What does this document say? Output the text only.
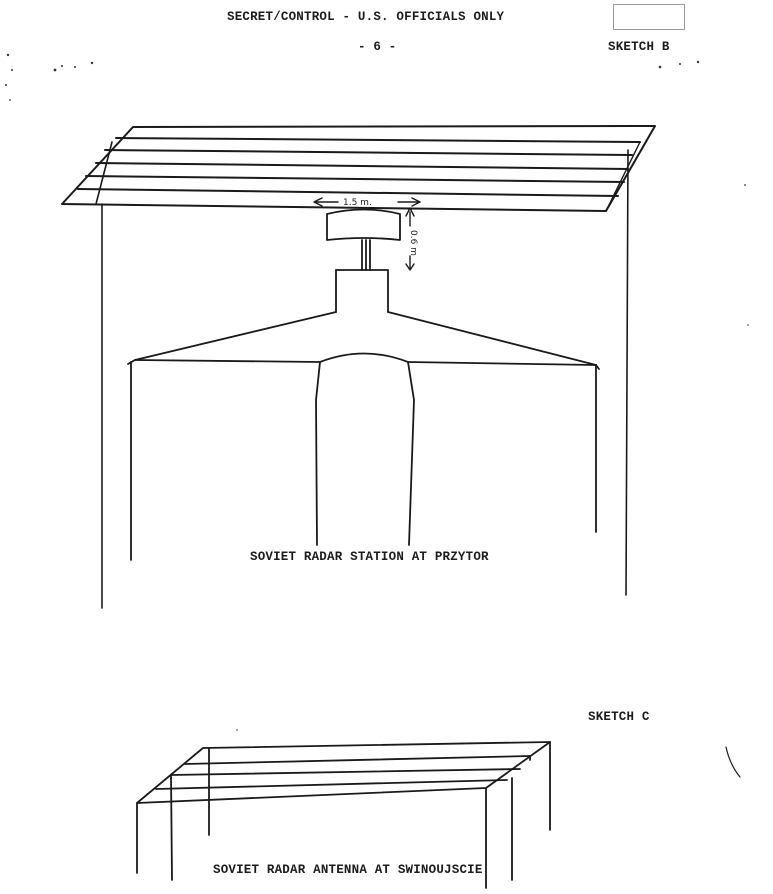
SECRET/CONTROL - U.S. OFFICIALS ONLY
- 6 -	SKETCH B
1.5 m.
0.6 m
SOVIET RADAR STATION AT PRZYTOR
SKETCH C
SOVIET RADAR ANTENNA AT SWINOUJSCIE
